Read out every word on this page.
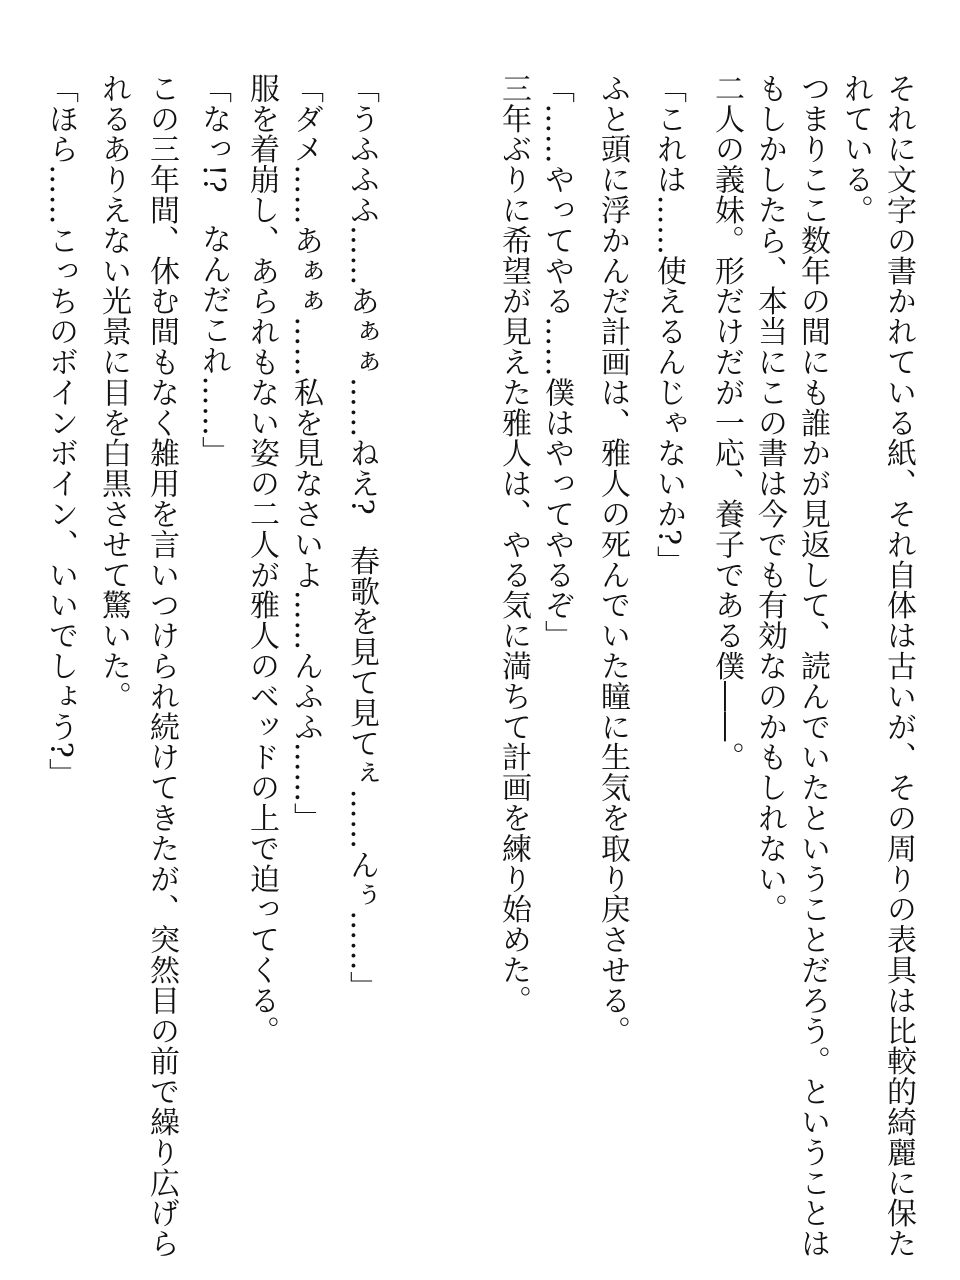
それに文字の書かれている紙、それ自体は古いが、その周りの表具は比較的綺麗に保た
れている。
つまりここ数年の間にも誰かが見返して、読んでいたということだろう。ということは
もしかしたら、本当にこの書は今でも有効なのかもしれない。
二人の義妹。形だけだが一応、養子である僕――。
「これは……使えるんじゃないか?」
ふと頭に浮かんだ計画は、雅人の死んでいた瞳に生気を取り戻させる。
「……やってやる……僕はやってやるぞ」
三年ぶりに希望が見えた雅人は、やる気に満ちて計画を練り始めた。
「うふふふ……あぁぁ……ねえ?　春歌を見て見てぇ……んぅ……」
「ダメ……あぁぁ……私を見なさいよ……んふふ……」
服を着崩し、あられもない姿の二人が雅人のベッドの上で迫ってくる。
「なっ!?　なんだこれ……」
この三年間、休む間もなく雑用を言いつけられ続けてきたが、突然目の前で繰り広げら
れるありえない光景に目を白黒させて驚いた。
「ほら……こっちのボインボイン、いいでしょう?」
